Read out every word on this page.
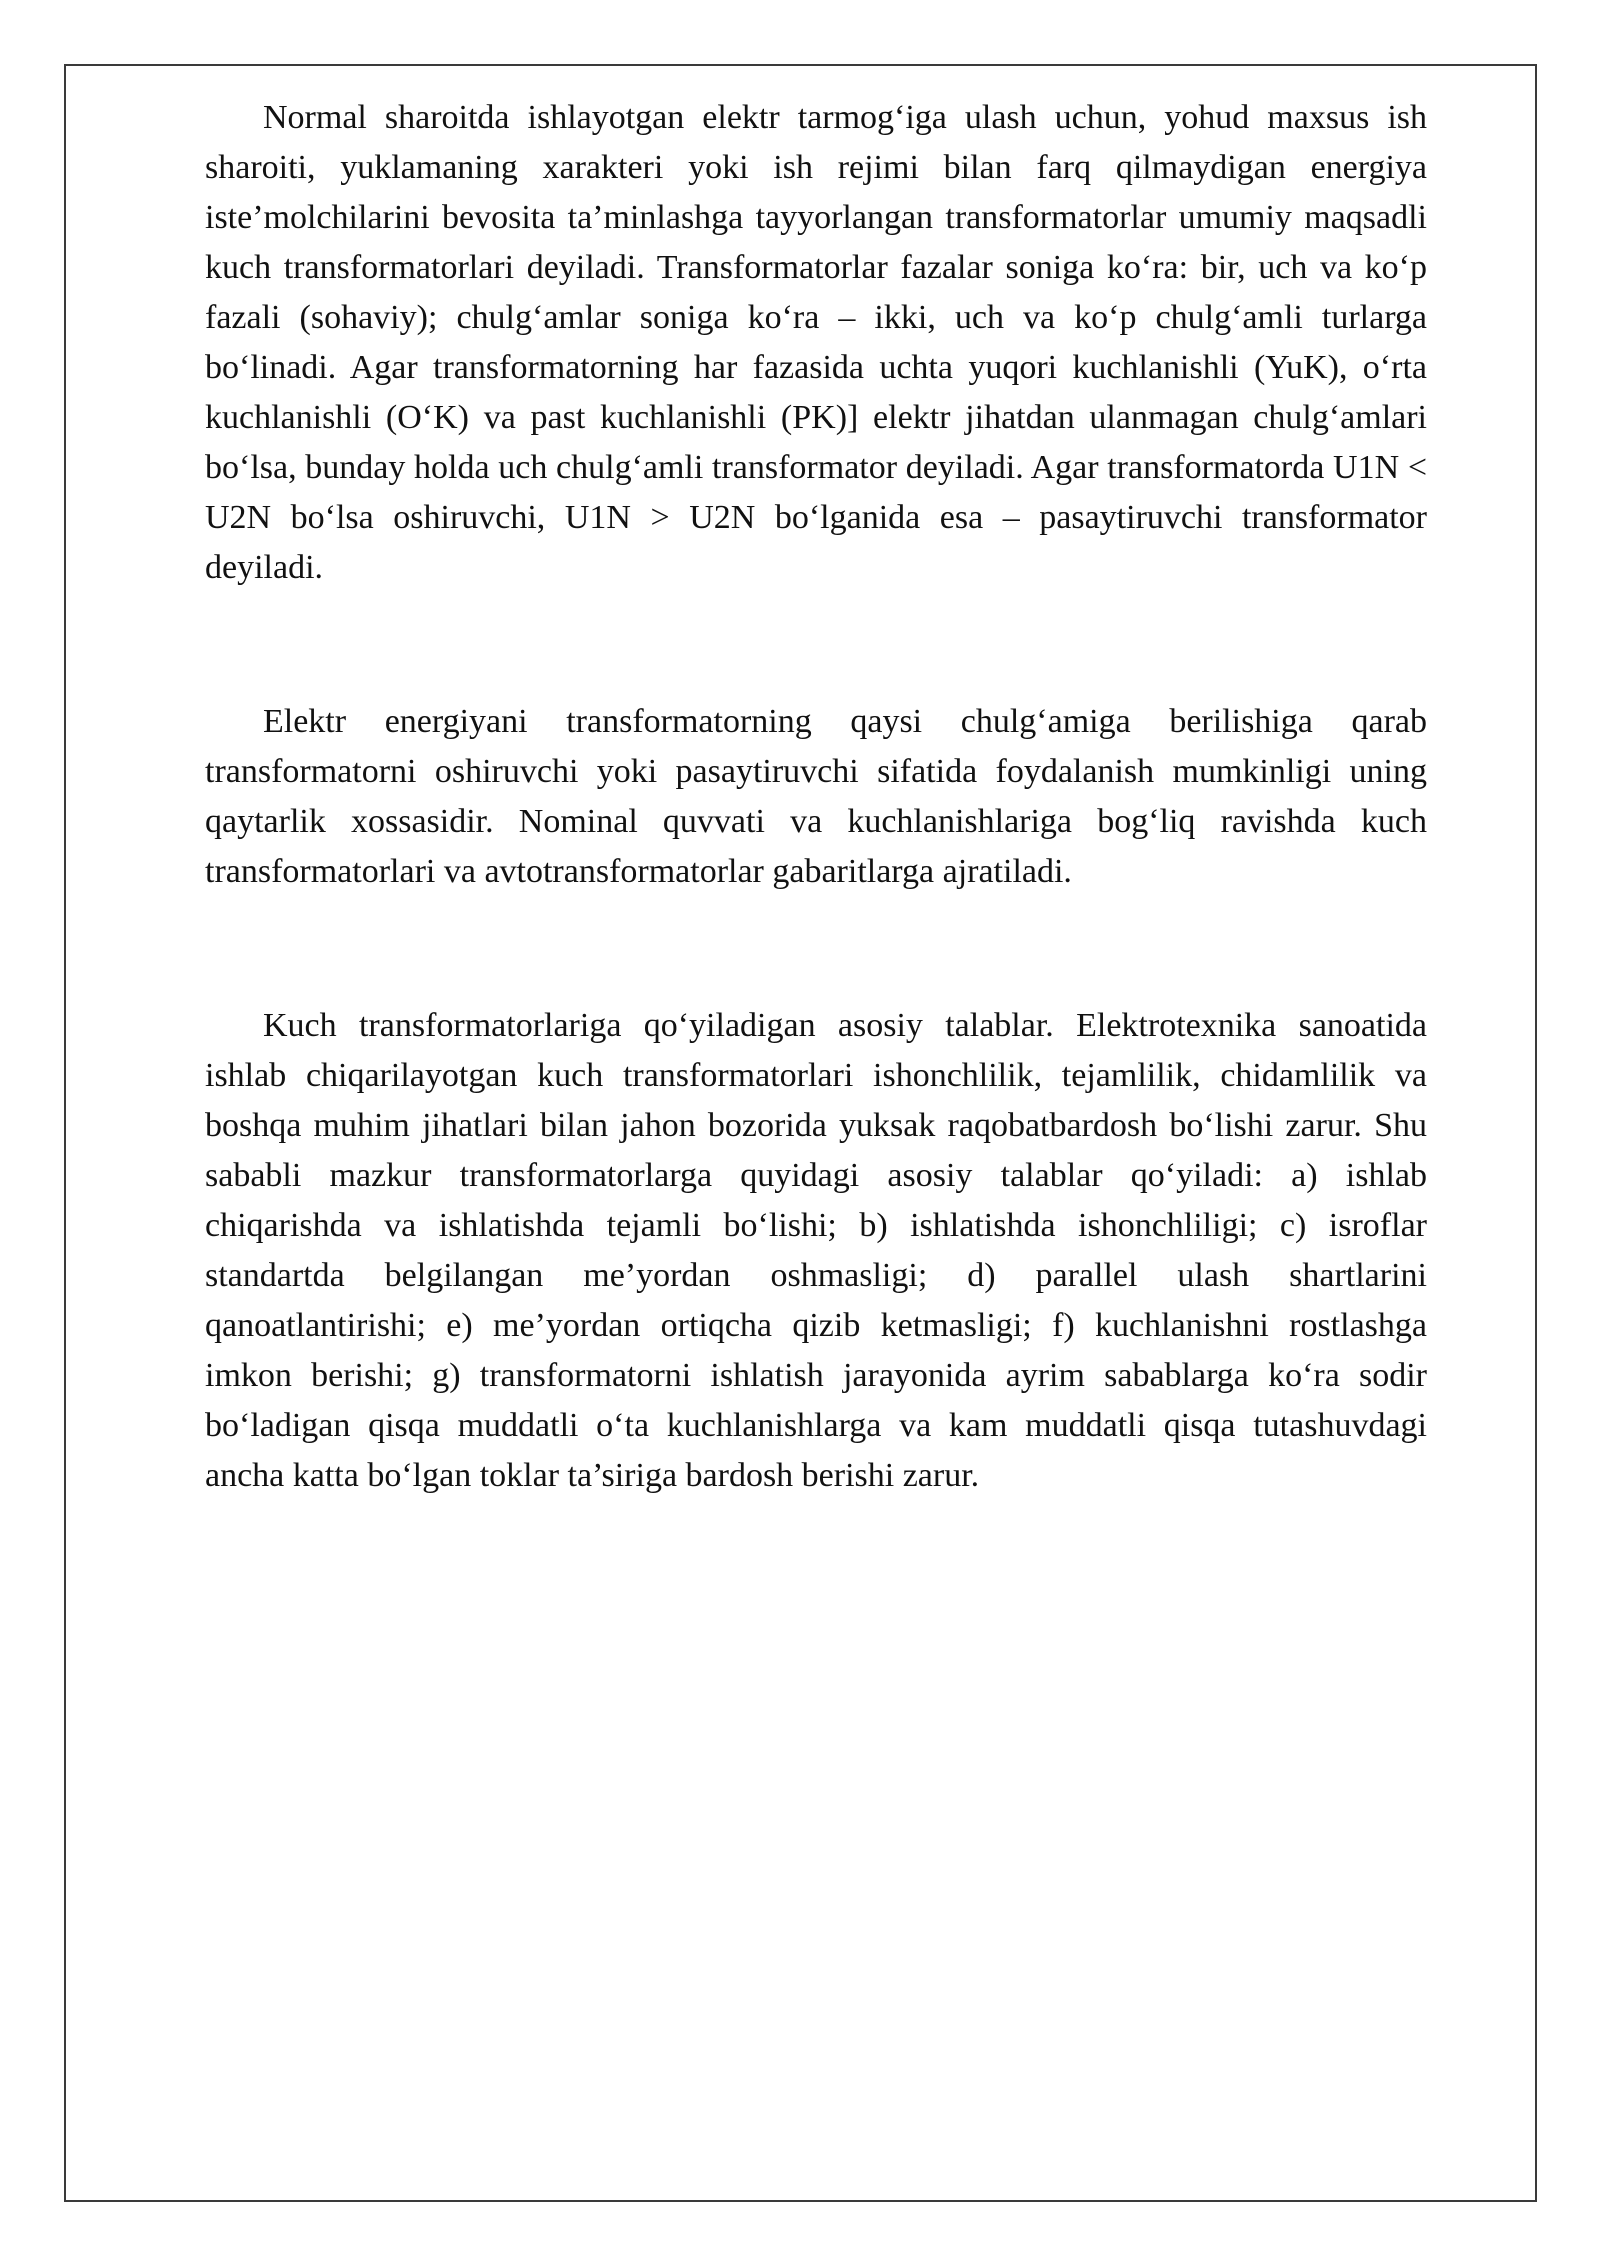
Normal sharoitda ishlayotgan elektr tarmog‘iga ulash uchun, yohud maxsus ish sharoiti, yuklamaning xarakteri yoki ish rejimi bilan farq qilmaydigan energiya iste’molchilarini bevosita ta’minlashga tayyorlangan transformatorlar umumiy maqsadli kuch transformatorlari deyiladi. Transformatorlar fazalar soniga ko‘ra: bir, uch va ko‘p fazali (sohaviy); chulg‘amlar soniga ko‘ra – ikki, uch va ko‘p chulg‘amli turlarga bo‘linadi. Agar transformatorning har fazasida uchta yuqori kuchlanishli (YuK), o‘rta kuchlanishli (O‘K) va past kuchlanishli (PK)] elektr jihatdan ulanmagan chulg‘amlari bo‘lsa, bunday holda uch chulg‘amli transformator deyiladi. Agar transformatorda U1N < U2N bo‘lsa oshiruvchi, U1N > U2N bo‘lganida esa – pasaytiruvchi transformator deyiladi.

Elektr energiyani transformatorning qaysi chulg‘amiga berilishiga qarab transformatorni oshiruvchi yoki pasaytiruvchi sifatida foydalanish mumkinligi uning qaytarlik xossasidir. Nominal quvvati va kuchlanishlariga bog‘liq ravishda kuch transformatorlari va avtotransformatorlar gabaritlarga ajratiladi.

Kuch transformatorlariga qo‘yiladigan asosiy talablar. Elektrotexnika sanoatida ishlab chiqarilayotgan kuch transformatorlari ishonchlilik, tejamlilik, chidamlilik va boshqa muhim jihatlari bilan jahon bozorida yuksak raqobatbardosh bo‘lishi zarur. Shu sababli mazkur transformatorlarga quyidagi asosiy talablar qo‘yiladi: a) ishlab chiqarishda va ishlatishda tejamli bo‘lishi; b) ishlatishda ishonchliligi; c) isroflar standartda belgilangan me’yordan oshmasligi; d) parallel ulash shartlarini qanoatlantirishi; e) me’yordan ortiqcha qizib ketmasligi; f) kuchlanishni rostlashga imkon berishi; g) transformatorni ishlatish jarayonida ayrim sabablarga ko‘ra sodir bo‘ladigan qisqa muddatli o‘ta kuchlanishlarga va kam muddatli qisqa tutashuvdagi ancha katta bo‘lgan toklar ta’siriga bardosh berishi zarur.
